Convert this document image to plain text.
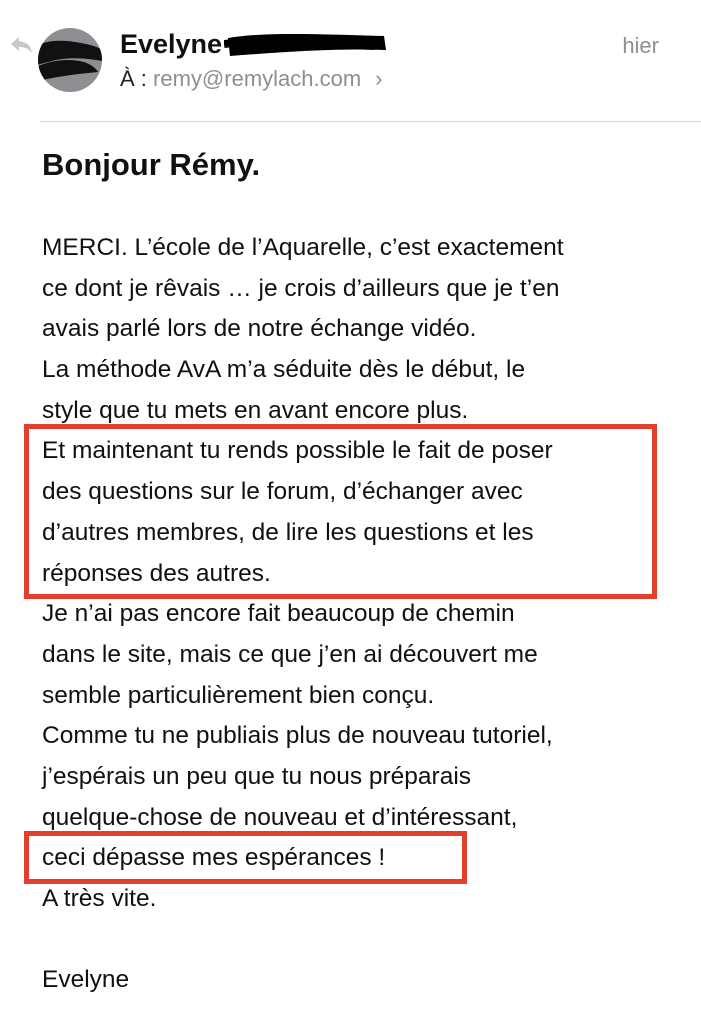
Evelyne
À : remy@remylach.com ›
hier
Bonjour Rémy.
MERCI. L’école de l’Aquarelle, c’est exactement
ce dont je rêvais … je crois d’ailleurs que je t’en
avais parlé lors de notre échange vidéo.
La méthode AvA m’a séduite dès le début, le
style que tu mets en avant encore plus.
Et maintenant tu rends possible le fait de poser
des questions sur le forum, d’échanger avec
d’autres membres, de lire les questions et les
réponses des autres.
Je n’ai pas encore fait beaucoup de chemin
dans le site, mais ce que j’en ai découvert me
semble particulièrement bien conçu.
Comme tu ne publiais plus de nouveau tutoriel,
j’espérais un peu que tu nous préparais
quelque-chose de nouveau et d’intéressant,
ceci dépasse mes espérances !
A très vite.
Evelyne
